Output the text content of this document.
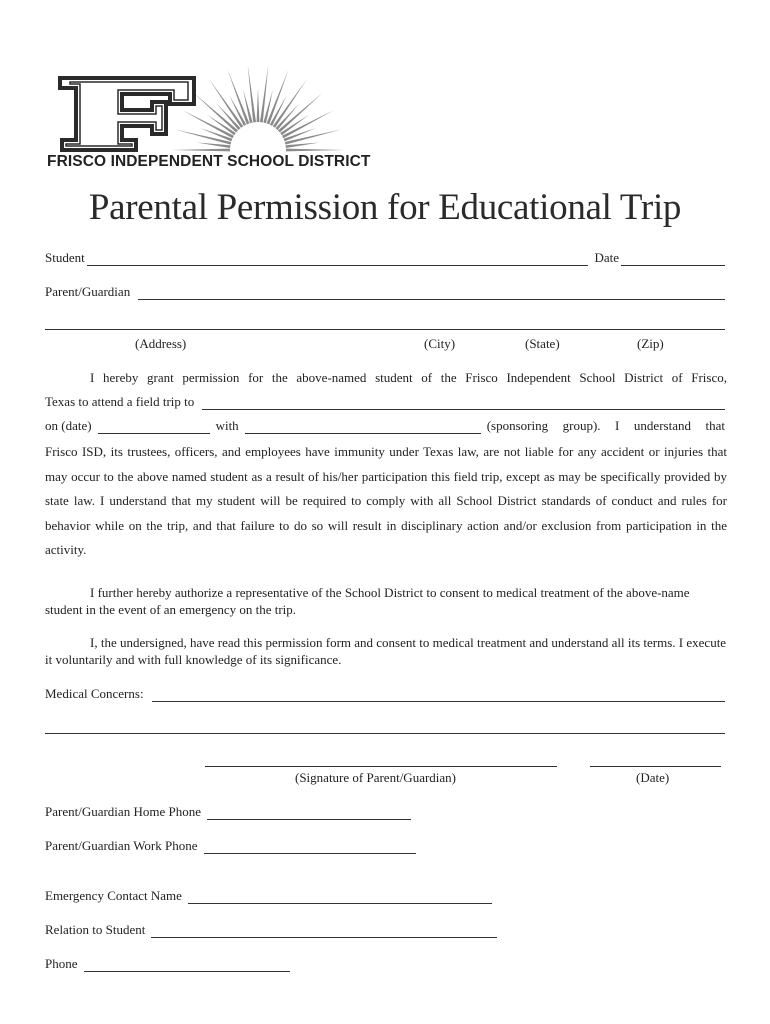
FRISCO INDEPENDENT SCHOOL DISTRICT
Parental Permission for Educational Trip
Student	Date
Parent/Guardian
(Address)	(City)	(State)	(Zip)

I hereby grant permission for the above-named student of the Frisco Independent School District of Frisco,

Texas to attend a field trip to
on (date)	with	(sponsoring group). I understand that

Frisco ISD, its trustees, officers, and employees have immunity under Texas law, are not liable for any accident or injuries that may occur to the above named student as a result of his/her participation this field trip, except as may be specifically provided by state law. I understand that my student will be required to comply with all School District standards of conduct and rules for behavior while on the trip, and that failure to do so will result in disciplinary action and/or exclusion from participation in the activity.

I further hereby authorize a representative of the School District to consent to medical treatment of the above-name student in the event of an emergency on the trip.
I, the undersigned, have read this permission form and consent to medical treatment and understand all its terms. I execute it voluntarily and with full knowledge of its significance.
Medical Concerns:
(Signature of Parent/Guardian)	(Date)
Parent/Guardian Home Phone
Parent/Guardian Work Phone
Emergency Contact Name
Relation to Student
Phone
